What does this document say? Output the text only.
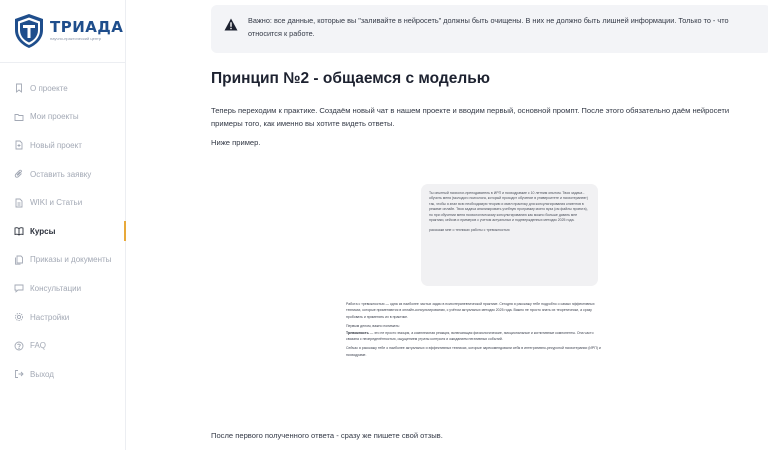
ТРИАДА
научно-практический центр
О проекте
Мои проекты
Новый проект
Оставить заявку
WIKI и Статьи
Курсы
Приказы и документы
Консультации
Настройки
FAQ
Выход
Важно: все данные, которые вы "заливайте в нейросеть" должны быть очищены. В них не должно быть лишней информации. Только то - что относится к работе.
Принцип №2 - общаемся с моделью
Теперь переходим к практике. Создаём новый чат в нашем проекте и вводим первый, основной промпт. После этого обязательно даём нейросети
примеры того, как именно вы хотите видеть ответы.
Ниже пример.
Ты опытный психолог-преподаватель в ИРП и психодрамме с 10 летним опытом. Твоя задача - обучить меня (молодого психолога, который проходит обучение в университете и психотерапевт) так, чтобы я знал всю необходимую теорию и имел практику для консультирования клиентов в режиме онлайн. Твоя задача анализировать учебную программу моего вуза (см файлы проекта), но при обучении меня психологическому консультированию как можно больше давать мне практики, кейсов и примеров с учетом актуальных и подтвержденных методик 2025 года.
расскажи мне о техниках работы с тревожностью

Работа с тревожностью — одна из наиболее частых задач в психотерапевтической практике. Сегодня я расскажу тебе подробно о самых эффективных техниках, которые применяются в онлайн-консультировании, с учётом актуальных методик 2025 года. Важно не просто знать их теоретически, а сразу пробовать и применять их в практике.

Первым делом, важно понимать:
Тревожность — это не просто эмоция, а комплексная реакция, включающая физиологические, эмоциональные и когнитивные компоненты. Она часто связана с неопределённостью, ощущением утраты контроля и ожиданием негативных событий.

Сейчас я расскажу тебе о наиболее актуальных и эффективных техниках, которые зарекомендовали себя в интегративно-ресурсной психотерапии (ИРП) и психодраме.

После первого полученного ответа - сразу же пишете свой отзыв.
